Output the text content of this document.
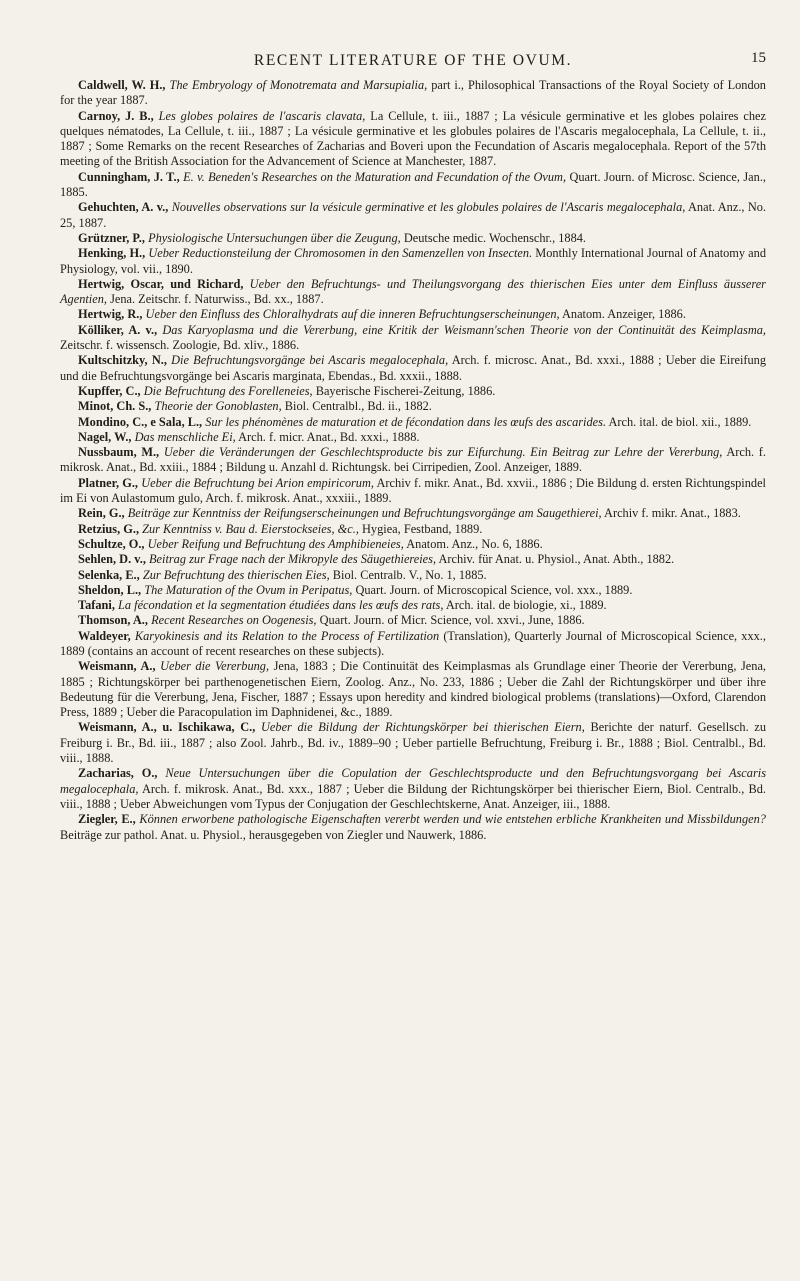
RECENT LITERATURE OF THE OVUM.	15

Caldwell, W. H., The Embryology of Monotremata and Marsupialia, part i., Philosophical Transactions of the Royal Society of London for the year 1887.

Carnoy, J. B., Les globes polaires de l'ascaris clavata, La Cellule, t. iii., 1887 ; La vésicule germinative et les globes polaires chez quelques nématodes, La Cellule, t. iii., 1887 ; La vésicule germinative et les globules polaires de l'Ascaris megalocephala, La Cellule, t. ii., 1887 ; Some Remarks on the recent Researches of Zacharias and Boveri upon the Fecundation of Ascaris megalocephala. Report of the 57th meeting of the British Association for the Advancement of Science at Manchester, 1887.

Cunningham, J. T., E. v. Beneden's Researches on the Maturation and Fecundation of the Ovum, Quart. Journ. of Microsc. Science, Jan., 1885.

Gehuchten, A. v., Nouvelles observations sur la vésicule germinative et les globules polaires de l'Ascaris megalocephala, Anat. Anz., No. 25, 1887.

Grützner, P., Physiologische Untersuchungen über die Zeugung, Deutsche medic. Wochenschr., 1884.

Henking, H., Ueber Reductionsteilung der Chromosomen in den Samenzellen von Insecten. Monthly International Journal of Anatomy and Physiology, vol. vii., 1890.

Hertwig, Oscar, und Richard, Ueber den Befruchtungs- und Theilungsvorgang des thierischen Eies unter dem Einfluss äusserer Agentien, Jena. Zeitschr. f. Naturwiss., Bd. xx., 1887.

Hertwig, R., Ueber den Einfluss des Chloralhydrats auf die inneren Befruchtungserscheinungen, Anatom. Anzeiger, 1886.

Kölliker, A. v., Das Karyoplasma und die Vererbung, eine Kritik der Weismann'schen Theorie von der Continuität des Keimplasma, Zeitschr. f. wissensch. Zoologie, Bd. xliv., 1886.

Kultschitzky, N., Die Befruchtungsvorgänge bei Ascaris megalocephala, Arch. f. microsc. Anat., Bd. xxxi., 1888 ; Ueber die Eireifung und die Befruchtungsvorgänge bei Ascaris marginata, Ebendas., Bd. xxxii., 1888.

Kupffer, C., Die Befruchtung des Forelleneies, Bayerische Fischerei-Zeitung, 1886.

Minot, Ch. S., Theorie der Gonoblasten, Biol. Centralbl., Bd. ii., 1882.

Mondino, C., e Sala, L., Sur les phénomènes de maturation et de fécondation dans les œufs des ascarides. Arch. ital. de biol. xii., 1889.

Nagel, W., Das menschliche Ei, Arch. f. micr. Anat., Bd. xxxi., 1888.

Nussbaum, M., Ueber die Veränderungen der Geschlechtsproducte bis zur Eifurchung. Ein Beitrag zur Lehre der Vererbung, Arch. f. mikrosk. Anat., Bd. xxiii., 1884 ; Bildung u. Anzahl d. Richtungsk. bei Cirripedien, Zool. Anzeiger, 1889.

Platner, G., Ueber die Befruchtung bei Arion empiricorum, Archiv f. mikr. Anat., Bd. xxvii., 1886 ; Die Bildung d. ersten Richtungspindel im Ei von Aulastomum gulo, Arch. f. mikrosk. Anat., xxxiii., 1889.

Rein, G., Beiträge zur Kenntniss der Reifungserscheinungen und Befruchtungsvorgänge am Saugethierei, Archiv f. mikr. Anat., 1883.

Retzius, G., Zur Kenntniss v. Bau d. Eierstockseies, &c., Hygiea, Festband, 1889.

Schultze, O., Ueber Reifung und Befruchtung des Amphibieneies, Anatom. Anz., No. 6, 1886.

Sehlen, D. v., Beitrag zur Frage nach der Mikropyle des Säugethiereies, Archiv. für Anat. u. Physiol., Anat. Abth., 1882.

Selenka, E., Zur Befruchtung des thierischen Eies, Biol. Centralb. V., No. 1, 1885.

Sheldon, L., The Maturation of the Ovum in Peripatus, Quart. Journ. of Microscopical Science, vol. xxx., 1889.

Tafani, La fécondation et la segmentation étudiées dans les œufs des rats, Arch. ital. de biologie, xi., 1889.

Thomson, A., Recent Researches on Oogenesis, Quart. Journ. of Micr. Science, vol. xxvi., June, 1886.

Waldeyer, Karyokinesis and its Relation to the Process of Fertilization (Translation), Quarterly Journal of Microscopical Science, xxx., 1889 (contains an account of recent researches on these subjects).

Weismann, A., Ueber die Vererbung, Jena, 1883 ; Die Continuität des Keimplasmas als Grundlage einer Theorie der Vererbung, Jena, 1885 ; Richtungskörper bei parthenogenetischen Eiern, Zoolog. Anz., No. 233, 1886 ; Ueber die Zahl der Richtungskörper und über ihre Bedeutung für die Vererbung, Jena, Fischer, 1887 ; Essays upon heredity and kindred biological problems (translations)—Oxford, Clarendon Press, 1889 ; Ueber die Paracopulation im Daphnidenei, &c., 1889.

Weismann, A., u. Ischikawa, C., Ueber die Bildung der Richtungskörper bei thierischen Eiern, Berichte der naturf. Gesellsch. zu Freiburg i. Br., Bd. iii., 1887 ; also Zool. Jahrb., Bd. iv., 1889–90 ; Ueber partielle Befruchtung, Freiburg i. Br., 1888 ; Biol. Centralbl., Bd. viii., 1888.

Zacharias, O., Neue Untersuchungen über die Copulation der Geschlechtsproducte und den Befruchtungsvorgang bei Ascaris megalocephala, Arch. f. mikrosk. Anat., Bd. xxx., 1887 ; Ueber die Bildung der Richtungskörper bei thierischer Eiern, Biol. Centralb., Bd. viii., 1888 ; Ueber Abweichungen vom Typus der Conjugation der Geschlechtskerne, Anat. Anzeiger, iii., 1888.

Ziegler, E., Können erworbene pathologische Eigenschaften vererbt werden und wie entstehen erbliche Krankheiten und Missbildungen? Beiträge zur pathol. Anat. u. Physiol., herausgegeben von Ziegler und Nauwerk, 1886.
